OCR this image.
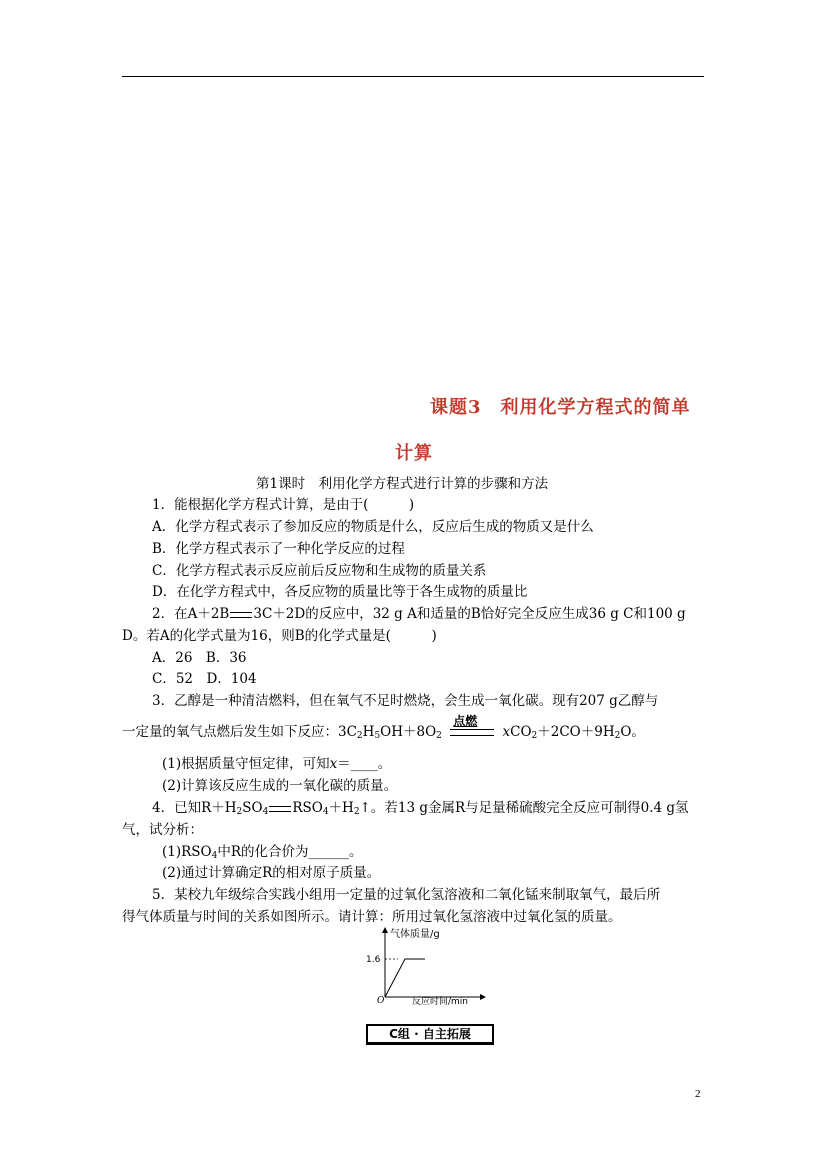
课题3　利用化学方程式的简单
计算
第1课时　利用化学方程式进行计算的步骤和方法
1．能根据化学方程式计算，是由于(　　　)
A．化学方程式表示了参加反应的物质是什么，反应后生成的物质又是什么
B．化学方程式表示了一种化学反应的过程
C．化学方程式表示反应前后反应物和生成物的质量关系
D．在化学方程式中，各反应物的质量比等于各生成物的质量比
2．在A＋2B 3C＋2D的反应中，32 g A和适量的B恰好完全反应生成36 g C和100 g
D。若A的化学式量为16，则B的化学式量是(　　　)
A．26　B．36
C．52　D．104
3．乙醇是一种清洁燃料，但在氧气不足时燃烧，会生成一氧化碳。现有207 g乙醇与
一定量的氧气点燃后发生如下反应：$3C_2H_5OH+8O_2$
点燃
$xCO_2+2CO+9H_2O$。
(1)根据质量守恒定律，可知x＝____。
(2)计算该反应生成的一氧化碳的质量。
4．已知$R+H_2SO_4$ $RSO_4+H_2↑$。若13 g金属R与足量稀硫酸完全反应可制得0.4 g氢
气，试分析：
$(1)RSO_4$中R的化合价为______。
(2)通过计算确定R的相对原子质量。
5．某校九年级综合实践小组用一定量的过氧化氢溶液和二氧化锰来制取氧气，最后所
得气体质量与时间的关系如图所示。请计算：所用过氧化氢溶液中过氧化氢的质量。
气体质量/g
反应时间/min
O
1.6
C组 · 自主拓展
2
